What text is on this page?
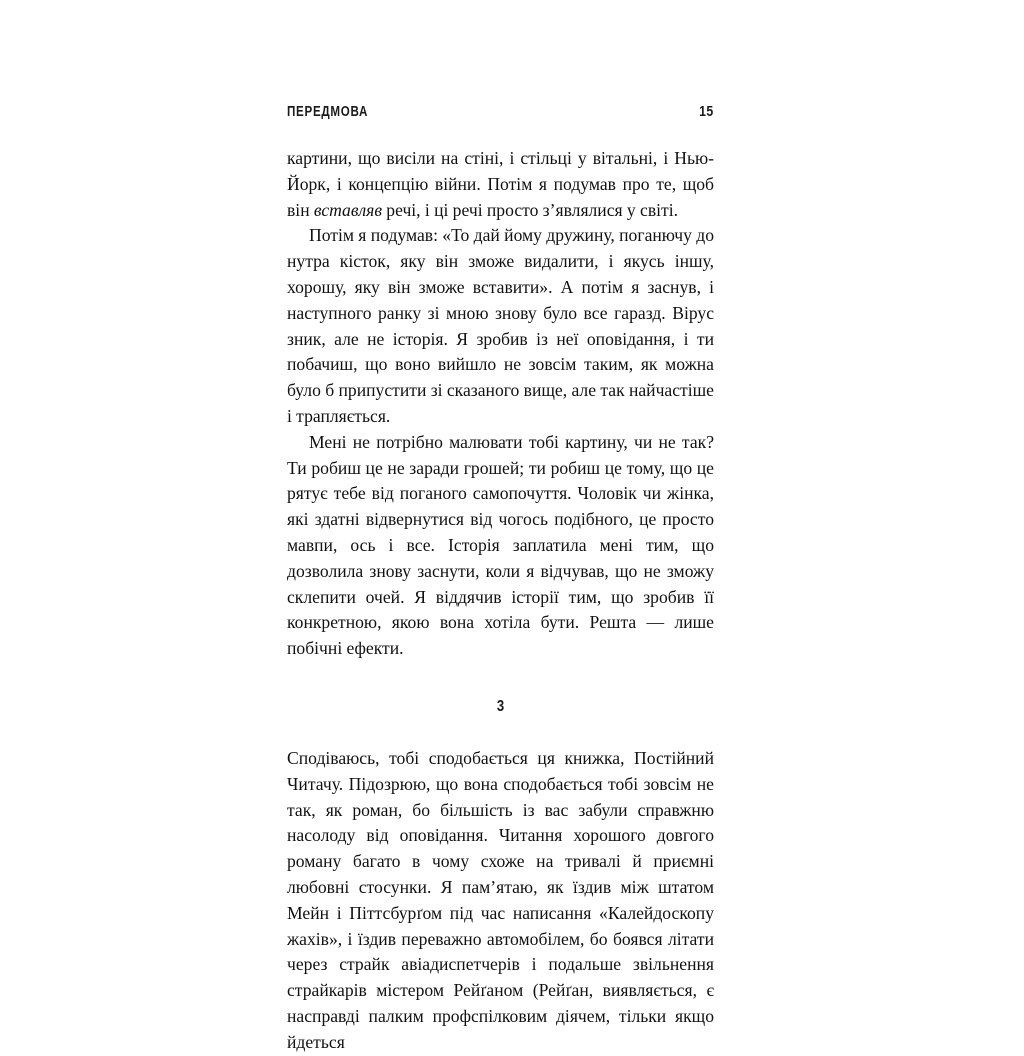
ПЕРЕДМОВА	15

картини, що висіли на стіні, і стільці у вітальні, і Нью-Йорк, і концепцію війни. Потім я подумав про те, щоб він вставляв речі, і ці речі просто з’являлися у світі.

Потім я подумав: «То дай йому дружину, поганючу до нутра кісток, яку він зможе видалити, і якусь іншу, хорошу, яку він зможе вставити». А потім я заснув, і наступного ранку зі мною знову було все гаразд. Вірус зник, але не історія. Я зробив із неї оповідання, і ти побачиш, що воно вийшло не зовсім таким, як можна було б припустити зі сказаного вище, але так найчастіше і трапляється.

Мені не потрібно малювати тобі картину, чи не так? Ти робиш це не заради грошей; ти робиш це тому, що це рятує тебе від поганого самопочуття. Чоловік чи жінка, які здатні відвернутися від чогось подібного, це просто мавпи, ось і все. Історія заплатила мені тим, що дозволила знову заснути, коли я відчував, що не зможу склепити очей. Я віддячив історії тим, що зробив її конкретною, якою вона хотіла бути. Решта — лише побічні ефекти.

3

Сподіваюсь, тобі сподобається ця книжка, Постійний Читачу. Підозрюю, що вона сподобається тобі зовсім не так, як роман, бо більшість із вас забули справжню насолоду від оповідання. Читання хорошого довгого роману багато в чому схоже на тривалі й приємні любовні стосунки. Я пам’ятаю, як їздив між штатом Мейн і Піттсбурґом під час написання «Калейдоскопу жахів», і їздив переважно автомобілем, бо боявся літати через страйк авіадиспетчерів і подальше звільнення страйкарів містером Рейґаном (Рейґан, виявляється, є насправді палким профспілковим діячем, тільки якщо йдеться
